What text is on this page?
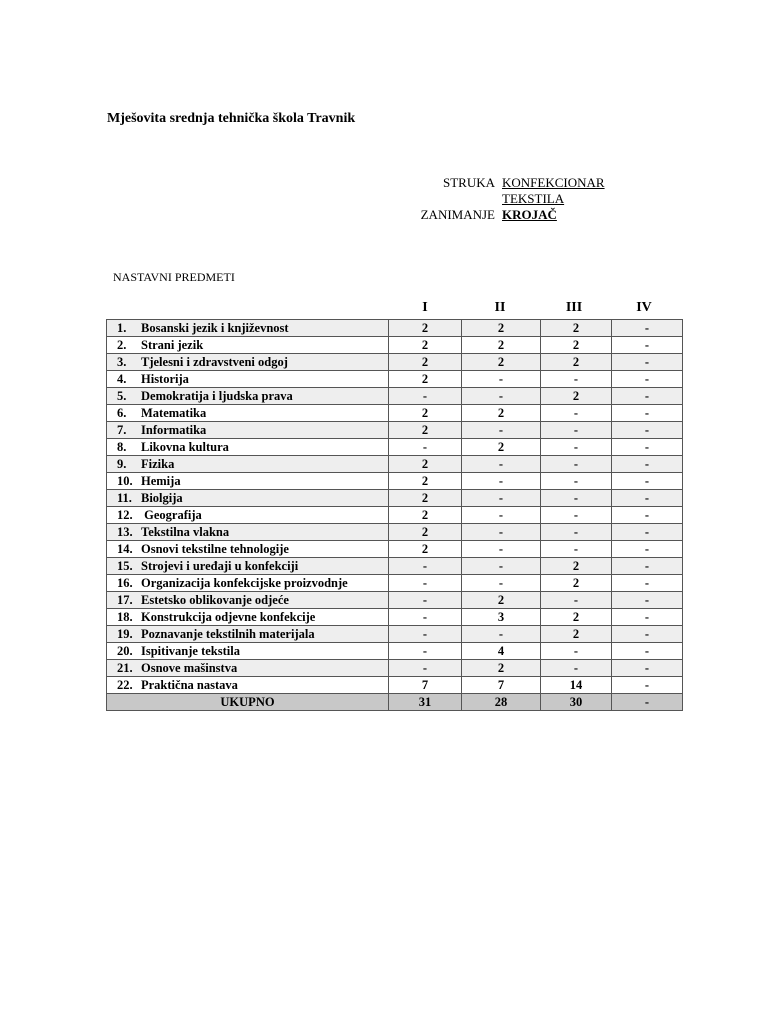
Mješovita srednja tehnička škola Travnik
STRUKA KONFEKCIONAR
TEKSTILA
ZANIMANJE KROJAČ
NASTAVNI PREDMETI
I	II	III	IV
1. Bosanski jezik i književnost	2	2	2	-
2. Strani jezik	2	2	2	-
3. Tjelesni i zdravstveni odgoj	2	2	2	-
4. Historija	2	-	-	-
5. Demokratija i ljudska prava	-	-	2	-
6. Matematika	2	2	-	-
7. Informatika	2	-	-	-
8. Likovna kultura	-	2	-	-
9. Fizika	2	-	-	-
10. Hemija	2	-	-	-
11. Biolgija	2	-	-	-
12. Geografija	2	-	-	-
13. Tekstilna vlakna	2	-	-	-
14. Osnovi tekstilne tehnologije	2	-	-	-
15. Strojevi i uređaji u konfekciji	-	-	2	-
16. Organizacija konfekcijske proizvodnje	-	-	2	-
17. Estetsko oblikovanje odjeće	-	2	-	-
18. Konstrukcija odjevne konfekcije	-	3	2	-
19. Poznavanje tekstilnih materijala	-	-	2	-
20. Ispitivanje tekstila	-	4	-	-
21. Osnove mašinstva	-	2	-	-
22. Praktična nastava	7	7	14	-
UKUPNO	31	28	30	-
